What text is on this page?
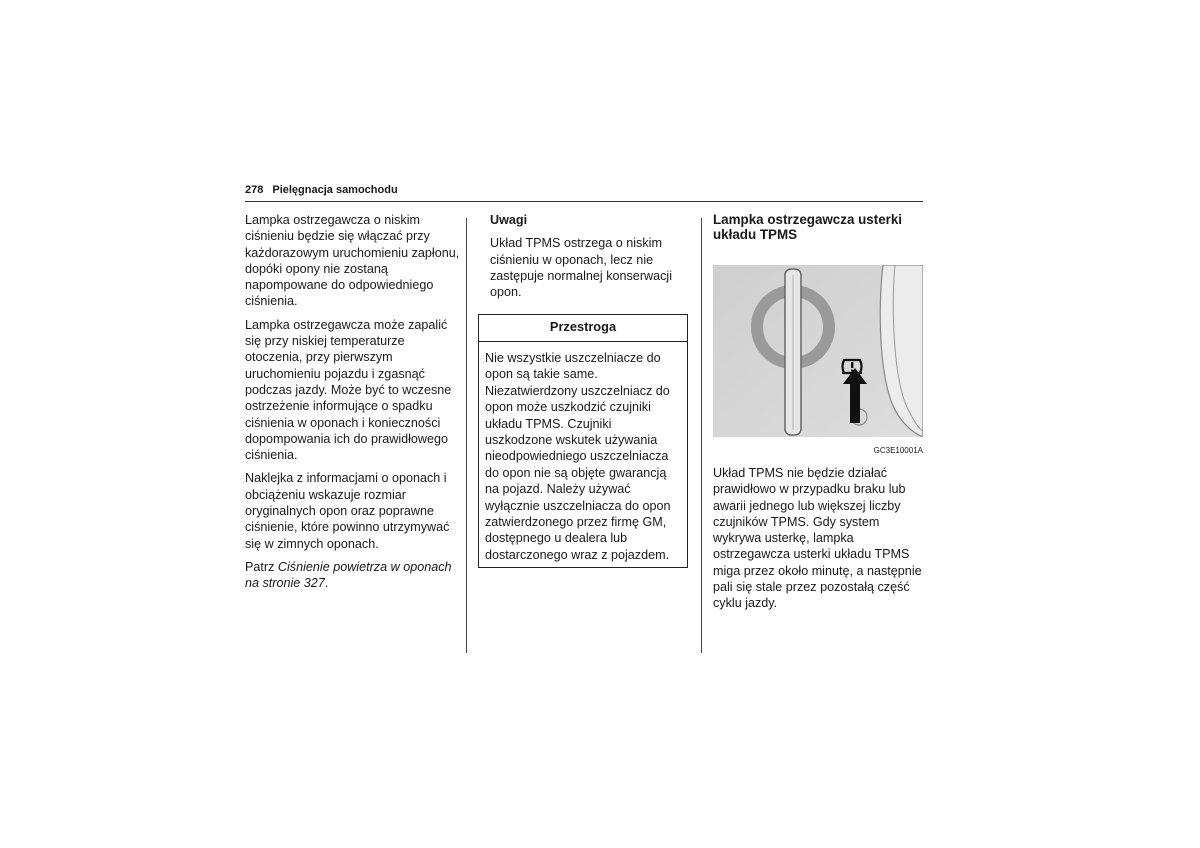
278 Pielęgnacja samochodu

Lampka ostrzegawcza o niskim ciśnieniu będzie się włączać przy każdorazowym uruchomieniu zapłonu, dopóki opony nie zostaną napompowane do odpowiedniego ciśnienia.

Lampka ostrzegawcza może zapalić się przy niskiej temperaturze otoczenia, przy pierwszym uruchomieniu pojazdu i zgasnąć podczas jazdy. Może być to wczesne ostrzeżenie informujące o spadku ciśnienia w oponach i konieczności dopompowania ich do prawidłowego ciśnienia.

Naklejka z informacjami o oponach i obciążeniu wskazuje rozmiar oryginalnych opon oraz poprawne ciśnienie, które powinno utrzymywać się w zimnych oponach.

Patrz Ciśnienie powietrza w oponach na stronie 327.

Uwagi

Układ TPMS ostrzega o niskim ciśnieniu w oponach, lecz nie zastępuje normalnej konserwacji opon.

Przestroga
Nie wszystkie uszczelniacze do opon są takie same. Niezatwierdzony uszczelniacz do opon może uszkodzić czujniki układu TPMS. Czujniki uszkodzone wskutek używania nieodpowiedniego uszczelniacza do opon nie są objęte gwarancją na pojazd. Należy używać wyłącznie uszczelniacza do opon zatwierdzonego przez firmę GM, dostępnego u dealera lub dostarczonego wraz z pojazdem.
Lampka ostrzegawcza usterki układu TPMS
GC3E10001A

Układ TPMS nie będzie działać prawidłowo w przypadku braku lub awarii jednego lub większej liczby czujników TPMS. Gdy system wykrywa usterkę, lampka ostrzegawcza usterki układu TPMS miga przez około minutę, a następnie pali się stale przez pozostałą część cyklu jazdy.
